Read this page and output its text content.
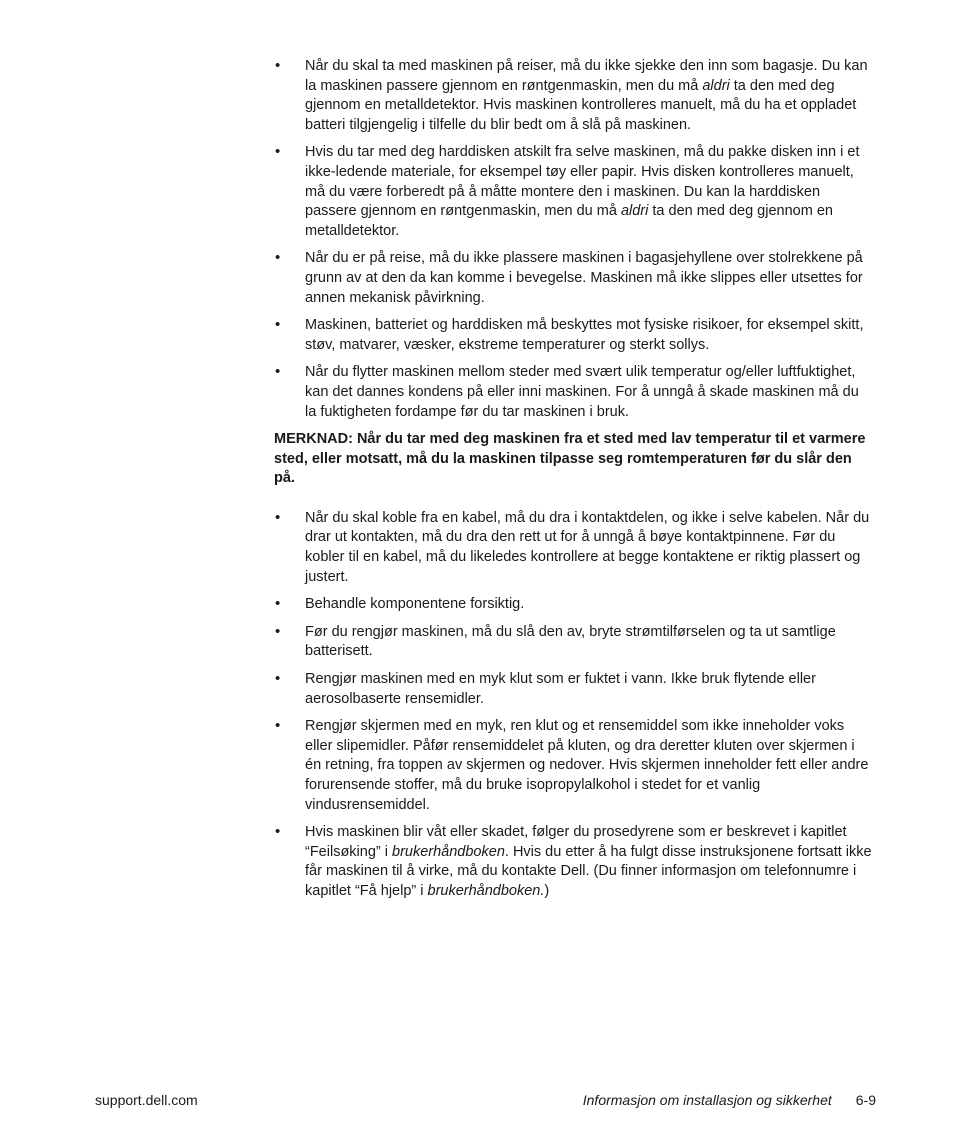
• Når du skal ta med maskinen på reiser, må du ikke sjekke den inn som bagasje. Du kan la maskinen passere gjennom en røntgenmaskin, men du må aldri ta den med deg gjennom en metalldetektor. Hvis maskinen kontrolleres manuelt, må du ha et oppladet batteri tilgjengelig i tilfelle du blir bedt om å slå på maskinen.
• Hvis du tar med deg harddisken atskilt fra selve maskinen, må du pakke disken inn i et ikke-ledende materiale, for eksempel tøy eller papir. Hvis disken kontrolleres manuelt, må du være forberedt på å måtte montere den i maskinen. Du kan la harddisken passere gjennom en røntgenmaskin, men du må aldri ta den med deg gjennom en metalldetektor.
• Når du er på reise, må du ikke plassere maskinen i bagasjehyllene over stolrekkene på grunn av at den da kan komme i bevegelse. Maskinen må ikke slippes eller utsettes for annen mekanisk påvirkning.
• Maskinen, batteriet og harddisken må beskyttes mot fysiske risikoer, for eksempel skitt, støv, matvarer, væsker, ekstreme temperaturer og sterkt sollys.
• Når du flytter maskinen mellom steder med svært ulik temperatur og/eller luftfuktighet, kan det dannes kondens på eller inni maskinen. For å unngå å skade maskinen må du la fuktigheten fordampe før du tar maskinen i bruk.

MERKNAD: Når du tar med deg maskinen fra et sted med lav temperatur til et varmere sted, eller motsatt, må du la maskinen tilpasse seg romtemperaturen før du slår den på.

• Når du skal koble fra en kabel, må du dra i kontaktdelen, og ikke i selve kabelen. Når du drar ut kontakten, må du dra den rett ut for å unngå å bøye kontaktpinnene. Før du kobler til en kabel, må du likeledes kontrollere at begge kontaktene er riktig plassert og justert.
• Behandle komponentene forsiktig.
• Før du rengjør maskinen, må du slå den av, bryte strømtilførselen og ta ut samtlige batterisett.
• Rengjør maskinen med en myk klut som er fuktet i vann. Ikke bruk flytende eller aerosolbaserte rensemidler.
• Rengjør skjermen med en myk, ren klut og et rensemiddel som ikke inneholder voks eller slipemidler. Påfør rensemiddelet på kluten, og dra deretter kluten over skjermen i én retning, fra toppen av skjermen og nedover. Hvis skjermen inneholder fett eller andre forurensende stoffer, må du bruke isopropylalkohol i stedet for et vanlig vindusrensemiddel.
• Hvis maskinen blir våt eller skadet, følger du prosedyrene som er beskrevet i kapitlet “Feilsøking” i brukerhåndboken. Hvis du etter å ha fulgt disse instruksjonene fortsatt ikke får maskinen til å virke, må du kontakte Dell. (Du finner informasjon om telefonnumre i kapitlet “Få hjelp” i brukerhåndboken.)
support.dell.com	Informasjon om installasjon og sikkerhet 6-9
